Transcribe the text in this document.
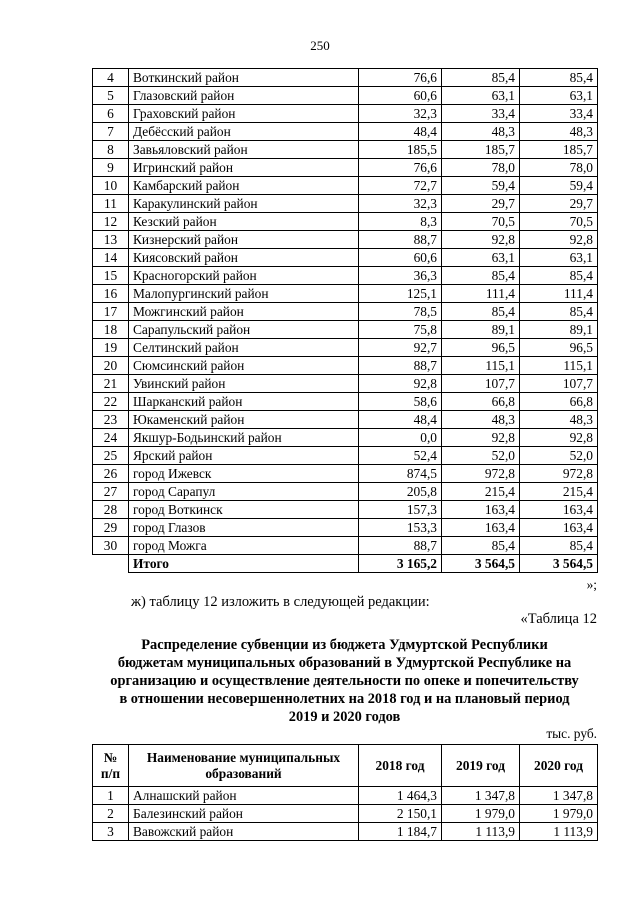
250
4	Воткинский район	76,6	85,4	85,4
5	Глазовский район	60,6	63,1	63,1
6	Граховский район	32,3	33,4	33,4
7	Дебёсский район	48,4	48,3	48,3
8	Завьяловский район	185,5	185,7	185,7
9	Игринский район	76,6	78,0	78,0
10	Камбарский район	72,7	59,4	59,4
11	Каракулинский район	32,3	29,7	29,7
12	Кезский район	8,3	70,5	70,5
13	Кизнерский район	88,7	92,8	92,8
14	Киясовский район	60,6	63,1	63,1
15	Красногорский район	36,3	85,4	85,4
16	Малопургинский район	125,1	111,4	111,4
17	Можгинский район	78,5	85,4	85,4
18	Сарапульский район	75,8	89,1	89,1
19	Селтинский район	92,7	96,5	96,5
20	Сюмсинский район	88,7	115,1	115,1
21	Увинский район	92,8	107,7	107,7
22	Шарканский район	58,6	66,8	66,8
23	Юкаменский район	48,4	48,3	48,3
24	Якшур-Бодьинский район	0,0	92,8	92,8
25	Ярский район	52,4	52,0	52,0
26	город Ижевск	874,5	972,8	972,8
27	город Сарапул	205,8	215,4	215,4
28	город Воткинск	157,3	163,4	163,4
29	город Глазов	153,3	163,4	163,4
30	город Можга	88,7	85,4	85,4
	Итого	3 165,2	3 564,5	3 564,5
»;
ж) таблицу 12 изложить в следующей редакции:
«Таблица 12
Распределение субвенции из бюджета Удмуртской Республики
бюджетам муниципальных образований в Удмуртской Республике на
организацию и осуществление деятельности по опеке и попечительству
в отношении несовершеннолетних на 2018 год и на плановый период
2019 и 2020 годов
тыс. руб.
№ п/п	Наименование муниципальных образований	2018 год	2019 год	2020 год
1	Алнашский район	1 464,3	1 347,8	1 347,8
2	Балезинский район	2 150,1	1 979,0	1 979,0
3	Вавожский район	1 184,7	1 113,9	1 113,9
